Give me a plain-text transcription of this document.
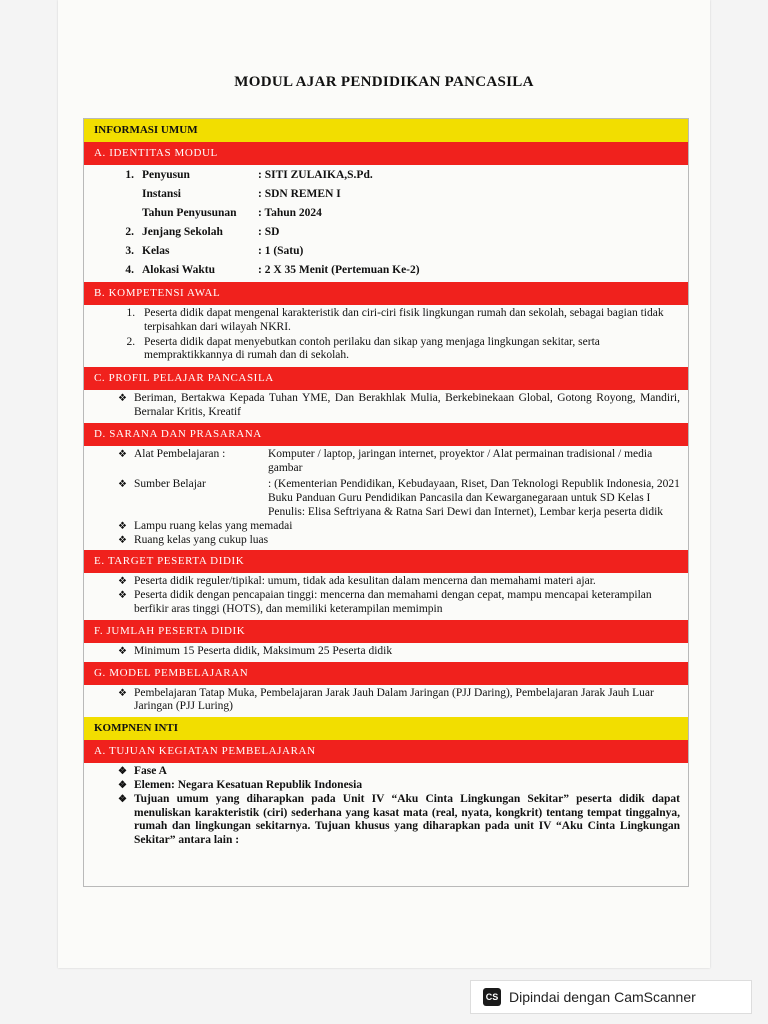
MODUL AJAR PENDIDIKAN PANCASILA
INFORMASI UMUM
A. IDENTITAS MODUL
1. Penyusun	: SITI ZULAIKA,S.Pd.
Instansi	: SDN REMEN I
Tahun Penyusunan	: Tahun 2024
2. Jenjang Sekolah	: SD
3. Kelas	: 1 (Satu)
4. Alokasi Waktu	: 2 X 35 Menit (Pertemuan Ke-2)
B. KOMPETENSI AWAL
1. Peserta didik dapat mengenal karakteristik dan ciri-ciri fisik lingkungan rumah dan sekolah, sebagai bagian tidak terpisahkan dari wilayah NKRI.
2. Peserta didik dapat menyebutkan contoh perilaku dan sikap yang menjaga lingkungan sekitar, serta mempraktikkannya di rumah dan di sekolah.
C. PROFIL PELAJAR PANCASILA
❖ Beriman, Bertakwa Kepada Tuhan YME, Dan Berakhlak Mulia, Berkebinekaan Global, Gotong Royong, Mandiri, Bernalar Kritis, Kreatif
D. SARANA DAN PRASARANA
❖ Alat Pembelajaran :	Komputer / laptop, jaringan internet, proyektor / Alat permainan tradisional / media gambar
❖ Sumber Belajar	: (Kementerian Pendidikan, Kebudayaan, Riset, Dan Teknologi Republik Indonesia, 2021 Buku Panduan Guru Pendidikan Pancasila dan Kewarganegaraan untuk SD Kelas I Penulis: Elisa Seftriyana & Ratna Sari Dewi dan Internet), Lembar kerja peserta didik
❖ Lampu ruang kelas yang memadai
❖ Ruang kelas yang cukup luas
E. TARGET PESERTA DIDIK
❖ Peserta didik reguler/tipikal: umum, tidak ada kesulitan dalam mencerna dan memahami materi ajar.
❖ Peserta didik dengan pencapaian tinggi: mencerna dan memahami dengan cepat, mampu mencapai keterampilan berfikir aras tinggi (HOTS), dan memiliki keterampilan memimpin
F. JUMLAH PESERTA DIDIK
❖ Minimum 15 Peserta didik, Maksimum 25 Peserta didik
G. MODEL PEMBELAJARAN
❖ Pembelajaran Tatap Muka, Pembelajaran Jarak Jauh Dalam Jaringan (PJJ Daring), Pembelajaran Jarak Jauh Luar Jaringan (PJJ Luring)
KOMPNEN INTI
A. TUJUAN KEGIATAN PEMBELAJARAN
❖ Fase A
❖ Elemen: Negara Kesatuan Republik Indonesia
❖ Tujuan umum yang diharapkan pada Unit IV “Aku Cinta Lingkungan Sekitar” peserta didik dapat menuliskan karakteristik (ciri) sederhana yang kasat mata (real, nyata, kongkrit) tentang tempat tinggalnya, rumah dan lingkungan sekitarnya. Tujuan khusus yang diharapkan pada unit IV “Aku Cinta Lingkungan Sekitar” antara lain :
CS Dipindai dengan CamScanner
